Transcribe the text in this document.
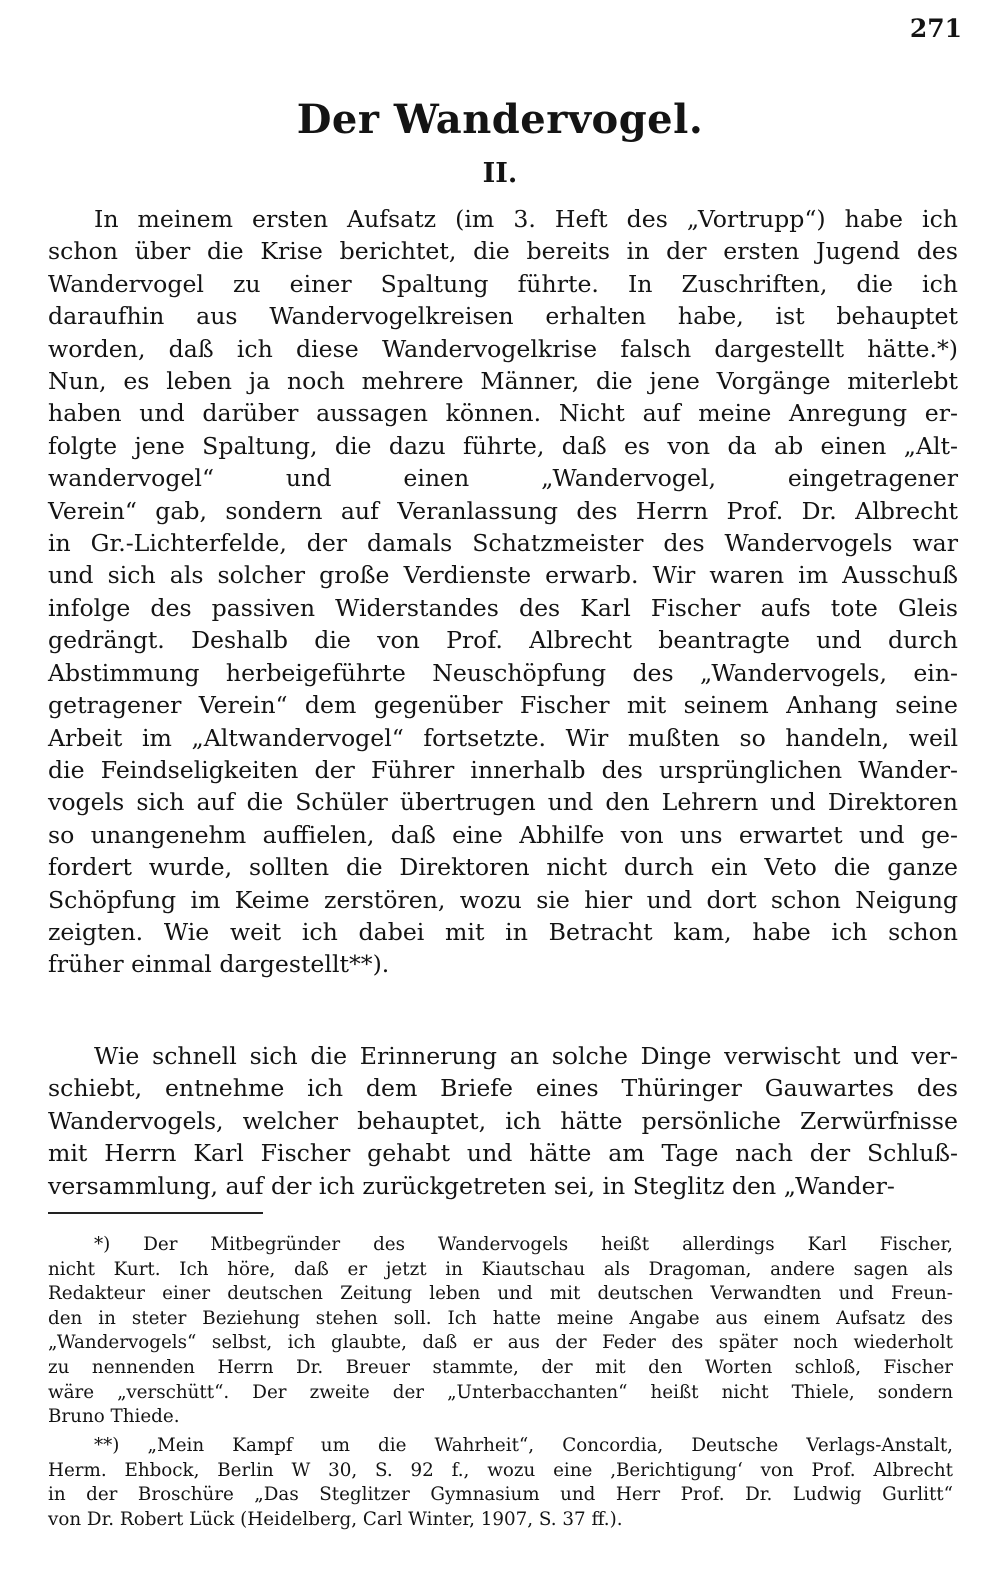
271
Der Wandervogel.
II.
In meinem ersten Aufsatz (im 3. Heft des „Vortrupp“) habe ich
schon über die Krise berichtet, die bereits in der ersten Jugend des
Wandervogel zu einer Spaltung führte. In Zuschriften, die ich
daraufhin aus Wandervogelkreisen erhalten habe, ist behauptet
worden, daß ich diese Wandervogelkrise falsch dargestellt hätte.*)
Nun, es leben ja noch mehrere Männer, die jene Vorgänge miterlebt
haben und darüber aussagen können. Nicht auf meine Anregung er-
folgte jene Spaltung, die dazu führte, daß es von da ab einen „Alt-
wandervogel“ und einen „Wandervogel, eingetragener
Verein“ gab, sondern auf Veranlassung des Herrn Prof. Dr. Albrecht
in Gr.-Lichterfelde, der damals Schatzmeister des Wandervogels war
und sich als solcher große Verdienste erwarb. Wir waren im Ausschuß
infolge des passiven Widerstandes des Karl Fischer aufs tote Gleis
gedrängt. Deshalb die von Prof. Albrecht beantragte und durch
Abstimmung herbeigeführte Neuschöpfung des „Wandervogels, ein-
getragener Verein“ dem gegenüber Fischer mit seinem Anhang seine
Arbeit im „Altwandervogel“ fortsetzte. Wir mußten so handeln, weil
die Feindseligkeiten der Führer innerhalb des ursprünglichen Wander-
vogels sich auf die Schüler übertrugen und den Lehrern und Direktoren
so unangenehm auffielen, daß eine Abhilfe von uns erwartet und ge-
fordert wurde, sollten die Direktoren nicht durch ein Veto die ganze
Schöpfung im Keime zerstören, wozu sie hier und dort schon Neigung
zeigten. Wie weit ich dabei mit in Betracht kam, habe ich schon
früher einmal dargestellt**).
Wie schnell sich die Erinnerung an solche Dinge verwischt und ver-
schiebt, entnehme ich dem Briefe eines Thüringer Gauwartes des
Wandervogels, welcher behauptet, ich hätte persönliche Zerwürfnisse
mit Herrn Karl Fischer gehabt und hätte am Tage nach der Schluß-
versammlung, auf der ich zurückgetreten sei, in Steglitz den „Wander-
*) Der Mitbegründer des Wandervogels heißt allerdings Karl Fischer,
nicht Kurt. Ich höre, daß er jetzt in Kiautschau als Dragoman, andere sagen als
Redakteur einer deutschen Zeitung leben und mit deutschen Verwandten und Freun-
den in steter Beziehung stehen soll. Ich hatte meine Angabe aus einem Aufsatz des
„Wandervogels“ selbst, ich glaubte, daß er aus der Feder des später noch wiederholt
zu nennenden Herrn Dr. Breuer stammte, der mit den Worten schloß, Fischer
wäre „verschütt“. Der zweite der „Unterbacchanten“ heißt nicht Thiele, sondern
Bruno Thiede.
**) „Mein Kampf um die Wahrheit“, Concordia, Deutsche Verlags-Anstalt,
Herm. Ehbock, Berlin W 30, S. 92 f., wozu eine ‚Berichtigung‘ von Prof. Albrecht
in der Broschüre „Das Steglitzer Gymnasium und Herr Prof. Dr. Ludwig Gurlitt“
von Dr. Robert Lück (Heidelberg, Carl Winter, 1907, S. 37 ff.).
